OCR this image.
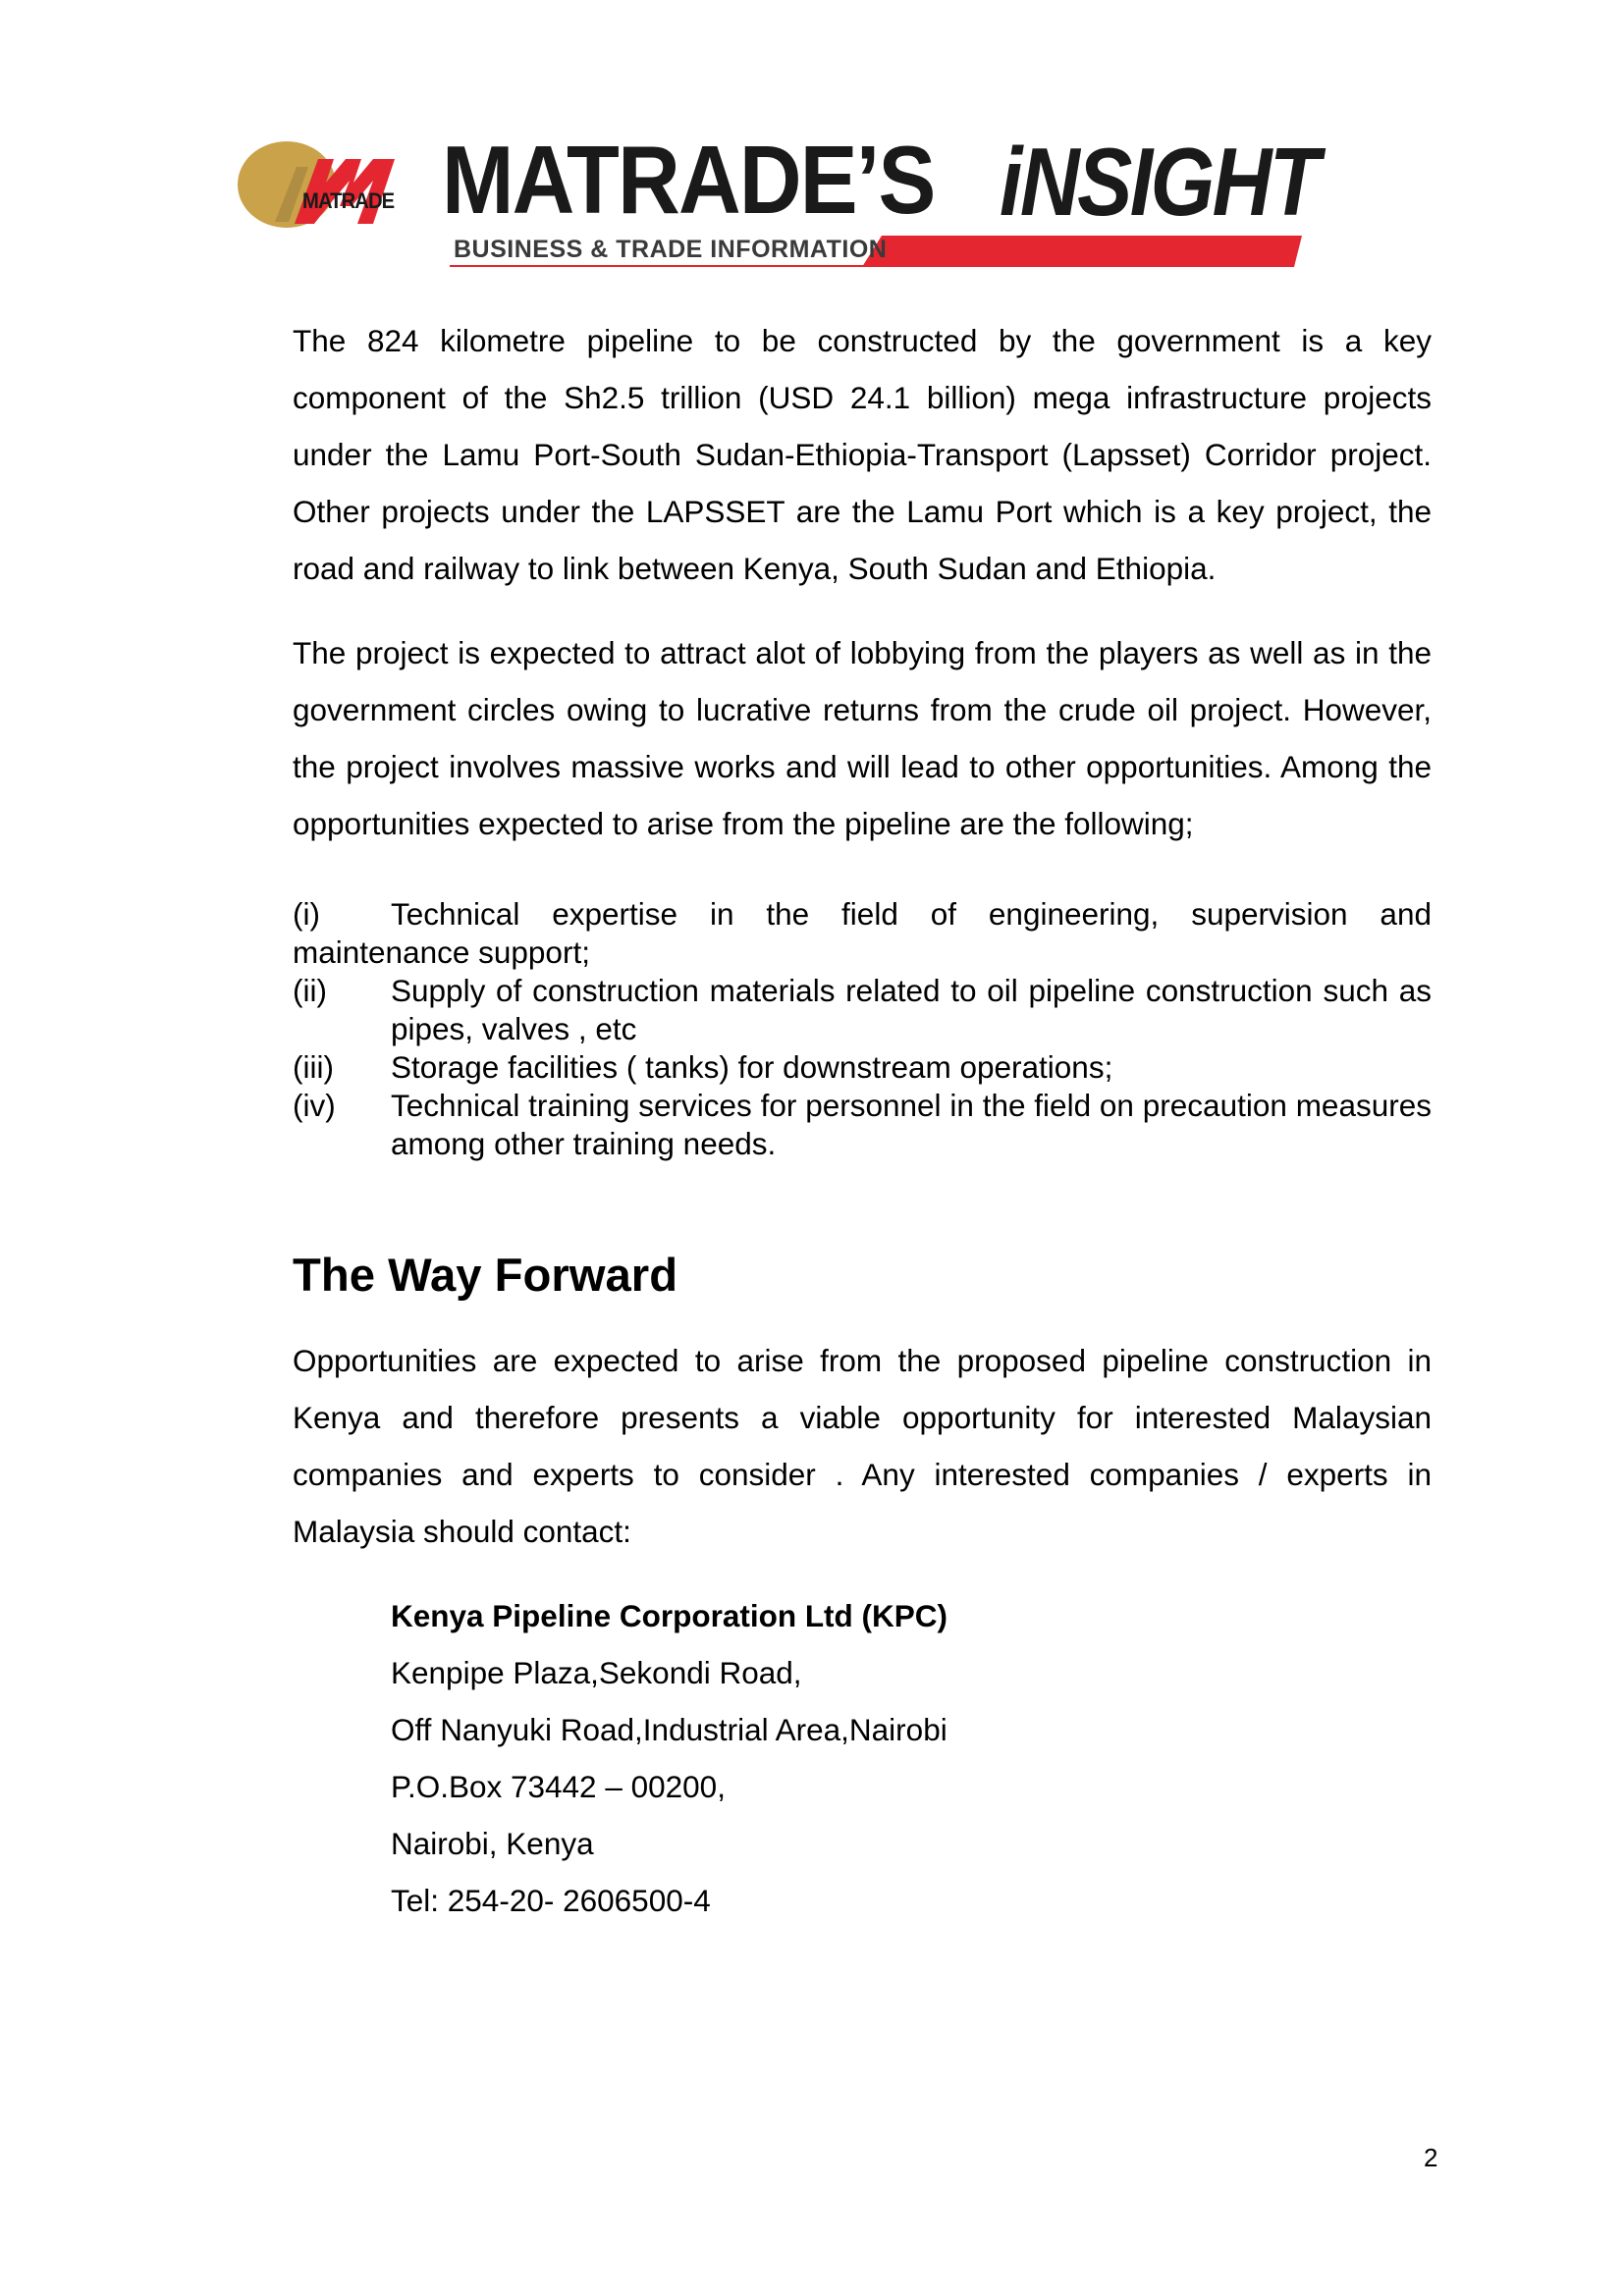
MATRADE MATRADE’S iNSIGHT
BUSINESS & TRADE INFORMATION

The 824 kilometre pipeline to be constructed by the government is a key component of the Sh2.5 trillion (USD 24.1 billion) mega infrastructure projects under the Lamu Port-South Sudan-Ethiopia-Transport (Lapsset) Corridor project. Other projects under the LAPSSET are the Lamu Port which is a key project, the road and railway to link between Kenya, South Sudan and Ethiopia.

The project is expected to attract alot of lobbying from the players as well as in the government circles owing to lucrative returns from the crude oil project. However, the project involves massive works and will lead to other opportunities. Among the opportunities expected to arise from the pipeline are the following;

(i) Technical expertise in the field of engineering, supervision and
maintenance support;
(ii) Supply of construction materials related to oil pipeline construction such as pipes, valves , etc
(iii) Storage facilities ( tanks) for downstream operations;
(iv) Technical training services for personnel in the field on precaution measures among other training needs.
The Way Forward

Opportunities are expected to arise from the proposed pipeline construction in Kenya and therefore presents a viable opportunity for interested Malaysian companies and experts to consider . Any interested companies / experts in Malaysia should contact:

Kenya Pipeline Corporation Ltd (KPC)
Kenpipe Plaza,Sekondi Road,
Off Nanyuki Road,Industrial Area,Nairobi
P.O.Box 73442 – 00200,
Nairobi, Kenya
Tel: 254-20- 2606500-4
2
